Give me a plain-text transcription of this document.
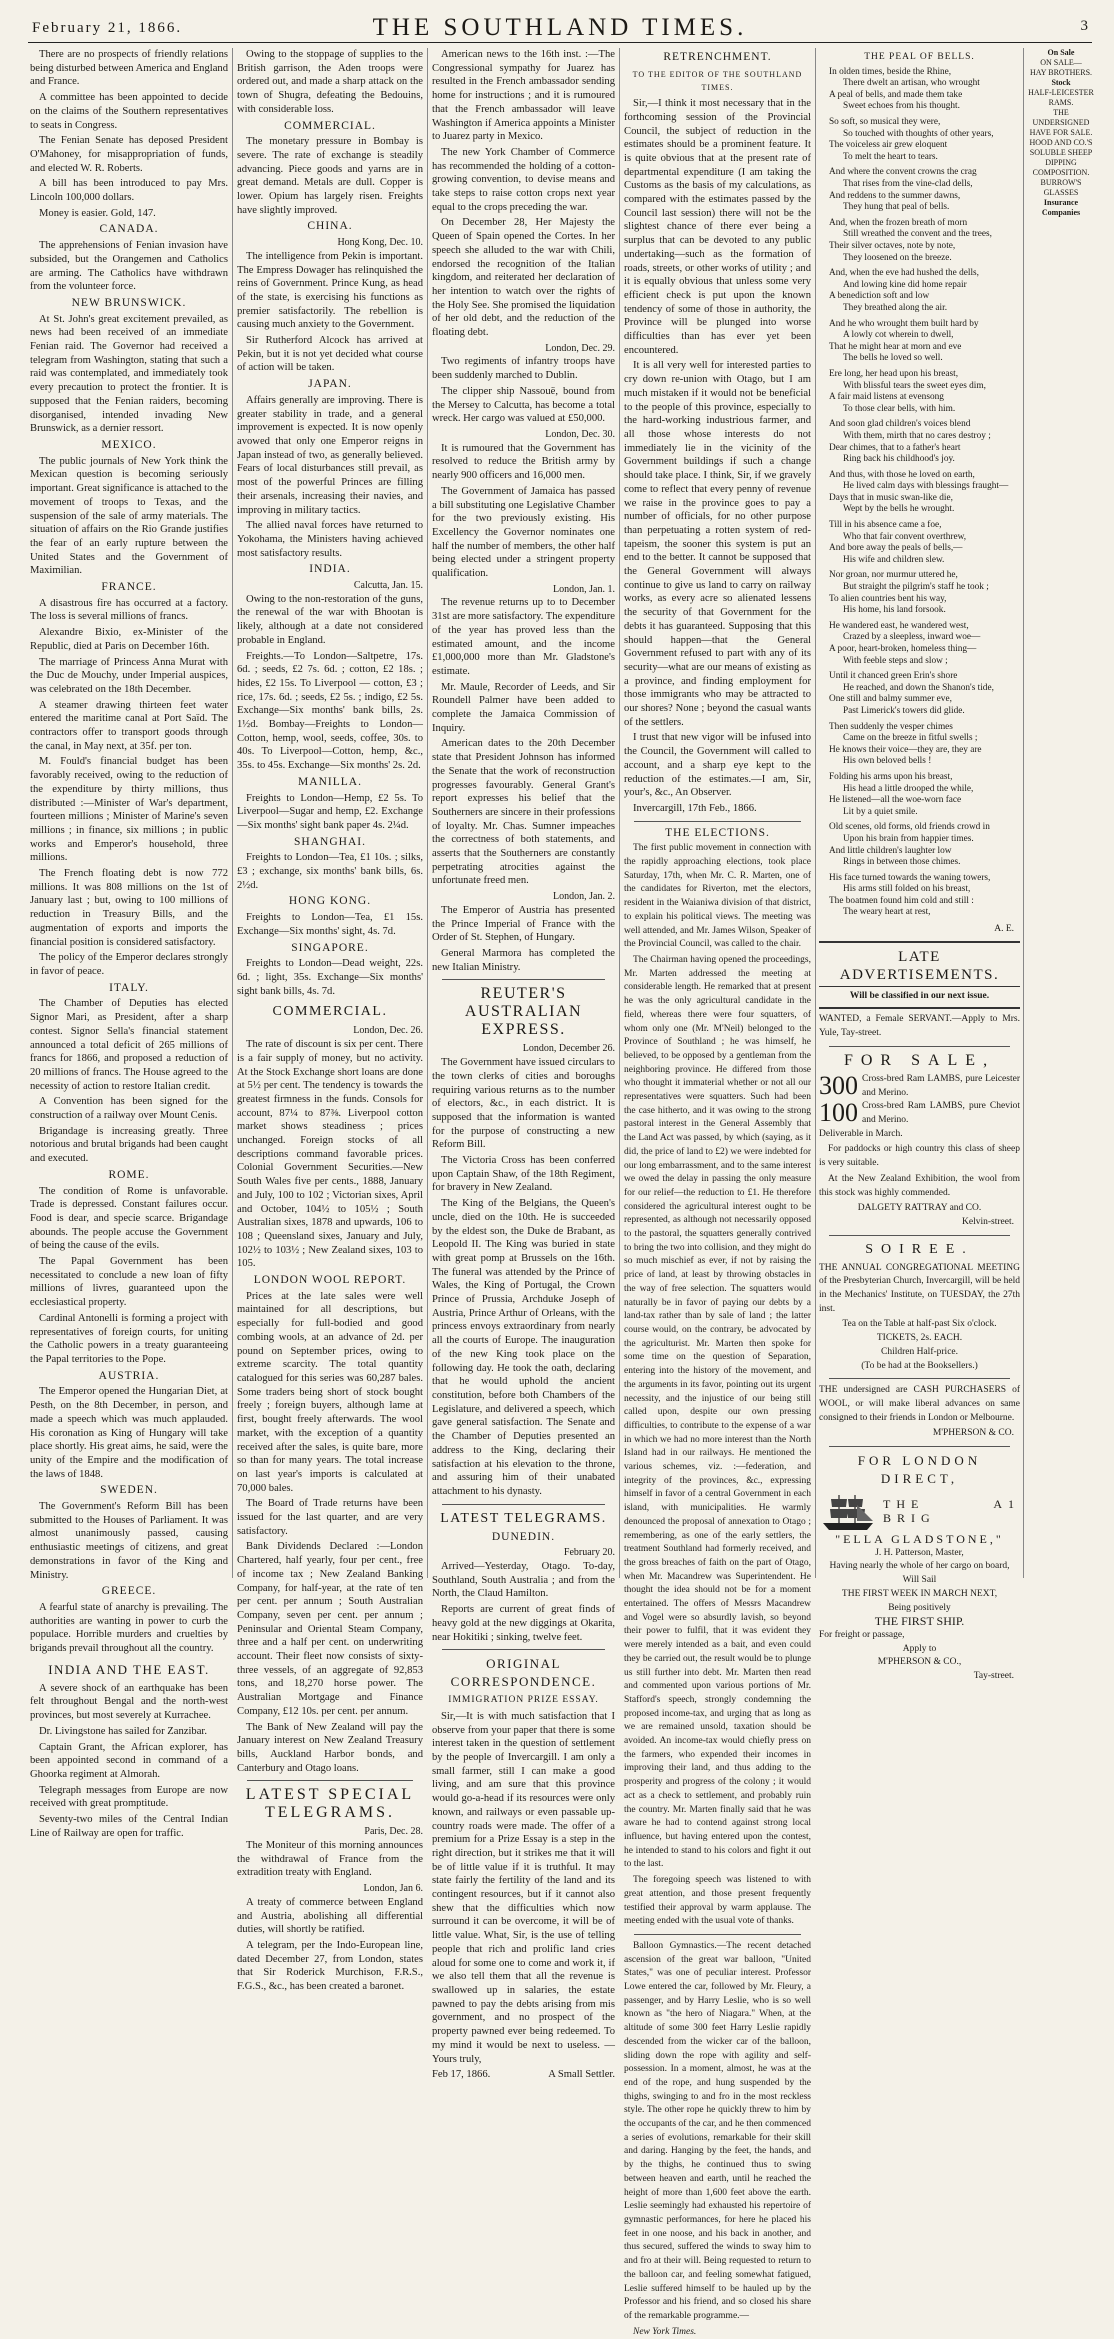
February 21, 1866.	THE SOUTHLAND TIMES.	3

There are no prospects of friendly relations being disturbed between America and England and France.

A committee has been appointed to decide on the claims of the Southern representatives to seats in Congress.

The Fenian Senate has deposed President O'Mahoney, for misappropriation of funds, and elected W. R. Roberts.

A bill has been introduced to pay Mrs. Lincoln 100,000 dollars.

Money is easier. Gold, 147.

CANADA.

The apprehensions of Fenian invasion have subsided, but the Orangemen and Catholics are arming. The Catholics have withdrawn from the volunteer force.

NEW BRUNSWICK.

At St. John's great excitement prevailed, as news had been received of an immediate Fenian raid. The Governor had received a telegram from Washington, stating that such a raid was contemplated, and immediately took every precaution to protect the frontier. It is supposed that the Fenian raiders, becoming disorganised, intended invading New Brunswick, as a dernier ressort.

MEXICO.

The public journals of New York think the Mexican question is becoming seriously important. Great significance is attached to the movement of troops to Texas, and the suspension of the sale of army materials. The situation of affairs on the Rio Grande justifies the fear of an early rupture between the United States and the Government of Maximilian.

FRANCE.

A disastrous fire has occurred at a factory. The loss is several millions of francs.

Alexandre Bixio, ex-Minister of the Republic, died at Paris on December 16th.

The marriage of Princess Anna Murat with the Duc de Mouchy, under Imperial auspices, was celebrated on the 18th December.

A steamer drawing thirteen feet water entered the maritime canal at Port Saïd. The contractors offer to transport goods through the canal, in May next, at 35f. per ton.

M. Fould's financial budget has been favorably received, owing to the reduction of the expenditure by thirty millions, thus distributed :—Minister of War's department, fourteen millions ; Minister of Marine's seven millions ; in finance, six millions ; in public works and Emperor's household, three millions.

The French floating debt is now 772 millions. It was 808 millions on the 1st of January last ; but, owing to 100 millions of reduction in Treasury Bills, and the augmentation of exports and imports the financial position is considered satisfactory.

The policy of the Emperor declares strongly in favor of peace.

ITALY.

The Chamber of Deputies has elected Signor Mari, as President, after a sharp contest. Signor Sella's financial statement announced a total deficit of 265 millions of francs for 1866, and proposed a reduction of 20 millions of francs. The House agreed to the necessity of action to restore Italian credit.

A Convention has been signed for the construction of a railway over Mount Cenis.

Brigandage is increasing greatly. Three notorious and brutal brigands had been caught and executed.

ROME.

The condition of Rome is unfavorable. Trade is depressed. Constant failures occur. Food is dear, and specie scarce. Brigandage abounds. The people accuse the Government of being the cause of the evils.

The Papal Government has been necessitated to conclude a new loan of fifty millions of livres, guaranteed upon the ecclesiastical property.

Cardinal Antonelli is forming a project with representatives of foreign courts, for uniting the Catholic powers in a treaty guaranteeing the Papal territories to the Pope.

AUSTRIA.

The Emperor opened the Hungarian Diet, at Pesth, on the 8th December, in person, and made a speech which was much applauded. His coronation as King of Hungary will take place shortly. His great aims, he said, were the unity of the Empire and the modification of the laws of 1848.

SWEDEN.

The Government's Reform Bill has been submitted to the Houses of Parliament. It was almost unanimously passed, causing enthusiastic meetings of citizens, and great demonstrations in favor of the King and Ministry.

GREECE.

A fearful state of anarchy is prevailing. The authorities are wanting in power to curb the populace. Horrible murders and cruelties by brigands prevail throughout all the country.

INDIA AND THE EAST.

A severe shock of an earthquake has been felt throughout Bengal and the north-west provinces, but most severely at Kurrachee.

Dr. Livingstone has sailed for Zanzibar.

Captain Grant, the African explorer, has been appointed second in command of a Ghoorka regiment at Almorah.

Telegraph messages from Europe are now received with great promptitude.

Seventy-two miles of the Central Indian Line of Railway are open for traffic.

Owing to the stoppage of supplies to the British garrison, the Aden troops were ordered out, and made a sharp attack on the town of Shugra, defeating the Bedouins, with considerable loss.

COMMERCIAL.

The monetary pressure in Bombay is severe. The rate of exchange is steadily advancing. Piece goods and yarns are in great demand. Metals are dull. Copper is lower. Opium has largely risen. Freights have slightly improved.

CHINA.
Hong Kong, Dec. 10.

The intelligence from Pekin is important. The Empress Dowager has relinquished the reins of Government. Prince Kung, as head of the state, is exercising his functions as premier satisfactorily. The rebellion is causing much anxiety to the Government.

Sir Rutherford Alcock has arrived at Pekin, but it is not yet decided what course of action will be taken.

JAPAN.

Affairs generally are improving. There is greater stability in trade, and a general improvement is expected. It is now openly avowed that only one Emperor reigns in Japan instead of two, as generally believed. Fears of local disturbances still prevail, as most of the powerful Princes are filling their arsenals, increasing their navies, and improving in military tactics.

The allied naval forces have returned to Yokohama, the Ministers having achieved most satisfactory results.

INDIA.
Calcutta, Jan. 15.

Owing to the non-restoration of the guns, the renewal of the war with Bhootan is likely, although at a date not considered probable in England.

Freights.—To London—Saltpetre, 17s. 6d. ; seeds, £2 7s. 6d. ; cotton, £2 18s. ; hides, £2 15s. To Liverpool — cotton, £3 ; rice, 17s. 6d. ; seeds, £2 5s. ; indigo, £2 5s. Exchange—Six months' bank bills, 2s. 1½d. Bombay—Freights to London—Cotton, hemp, wool, seeds, coffee, 30s. to 40s. To Liverpool—Cotton, hemp, &c., 35s. to 45s. Exchange—Six months' 2s. 2d.

MANILLA.

Freights to London—Hemp, £2 5s. To Liverpool—Sugar and hemp, £2. Exchange—Six months' sight bank paper 4s. 2¼d.

SHANGHAI.

Freights to London—Tea, £1 10s. ; silks, £3 ; exchange, six months' bank bills, 6s. 2½d.

HONG KONG.

Freights to London—Tea, £1 15s. Exchange—Six months' sight, 4s. 7d.

SINGAPORE.

Freights to London—Dead weight, 22s. 6d. ; light, 35s. Exchange—Six months' sight bank bills, 4s. 7d.

COMMERCIAL.
London, Dec. 26.

The rate of discount is six per cent. There is a fair supply of money, but no activity. At the Stock Exchange short loans are done at 5½ per cent. The tendency is towards the greatest firmness in the funds. Consols for account, 87¼ to 87⅜. Liverpool cotton market shows steadiness ; prices unchanged. Foreign stocks of all descriptions command favorable prices. Colonial Government Securities.—New South Wales five per cents., 1888, January and July, 100 to 102 ; Victorian sixes, April and October, 104½ to 105½ ; South Australian sixes, 1878 and upwards, 106 to 108 ; Queensland sixes, January and July, 102½ to 103½ ; New Zealand sixes, 103 to 105.

LONDON WOOL REPORT.

Prices at the late sales were well maintained for all descriptions, but especially for full-bodied and good combing wools, at an advance of 2d. per pound on September prices, owing to extreme scarcity. The total quantity catalogued for this series was 60,287 bales. Some traders being short of stock bought freely ; foreign buyers, although lame at first, bought freely afterwards. The wool market, with the exception of a quantity received after the sales, is quite bare, more so than for many years. The total increase on last year's imports is calculated at 70,000 bales.

The Board of Trade returns have been issued for the last quarter, and are very satisfactory.

Bank Dividends Declared :—London Chartered, half yearly, four per cent., free of income tax ; New Zealand Banking Company, for half-year, at the rate of ten per cent. per annum ; South Australian Company, seven per cent. per annum ; Peninsular and Oriental Steam Company, three and a half per cent. on underwriting account. Their fleet now consists of sixty-three vessels, of an aggregate of 92,853 tons, and 18,270 horse power. The Australian Mortgage and Finance Company, £12 10s. per cent. per annum.

The Bank of New Zealand will pay the January interest on New Zealand Treasury bills, Auckland Harbor bonds, and Canterbury and Otago loans.

LATEST SPECIAL TELEGRAMS.
Paris, Dec. 28.

The Moniteur of this morning announces the withdrawal of France from the extradition treaty with England.

London, Jan 6.

A treaty of commerce between England and Austria, abolishing all differential duties, will shortly be ratified.

A telegram, per the Indo-European line, dated December 27, from London, states that Sir Roderick Murchison, F.R.S., F.G.S., &c., has been created a baronet.

American news to the 16th inst. :—The Congressional sympathy for Juarez has resulted in the French ambassador sending home for instructions ; and it is rumoured that the French ambassador will leave Washington if America appoints a Minister to Juarez party in Mexico.

The new York Chamber of Commerce has recommended the holding of a cotton-growing convention, to devise means and take steps to raise cotton crops next year equal to the crops preceding the war.

On December 28, Her Majesty the Queen of Spain opened the Cortes. In her speech she alluded to the war with Chili, endorsed the recognition of the Italian kingdom, and reiterated her declaration of her intention to watch over the rights of the Holy See. She promised the liquidation of her old debt, and the reduction of the floating debt.

London, Dec. 29.

Two regiments of infantry troops have been suddenly marched to Dublin.

The clipper ship Nassouë, bound from the Mersey to Calcutta, has become a total wreck. Her cargo was valued at £50,000.

London, Dec. 30.

It is rumoured that the Government has resolved to reduce the British army by nearly 900 officers and 16,000 men.

The Government of Jamaica has passed a bill substituting one Legislative Chamber for the two previously existing. His Excellency the Governor nominates one half the number of members, the other half being elected under a stringent property qualification.

London, Jan. 1.

The revenue returns up to to December 31st are more satisfactory. The expenditure of the year has proved less than the estimated amount, and the income £1,000,000 more than Mr. Gladstone's estimate.

Mr. Maule, Recorder of Leeds, and Sir Roundell Palmer have been added to complete the Jamaica Commission of Inquiry.

American dates to the 20th December state that President Johnson has informed the Senate that the work of reconstruction progresses favourably. General Grant's report expresses his belief that the Southerners are sincere in their professions of loyalty. Mr. Chas. Sumner impeaches the correctness of both statements, and asserts that the Southerners are constantly perpetrating atrocities against the unfortunate freed men.

London, Jan. 2.

The Emperor of Austria has presented the Prince Imperial of France with the Order of St. Stephen, of Hungary.

General Marmora has completed the new Italian Ministry.

REUTER'S AUSTRALIAN EXPRESS.
London, December 26.

The Government have issued circulars to the town clerks of cities and boroughs requiring various returns as to the number of electors, &c., in each district. It is supposed that the information is wanted for the purpose of constructing a new Reform Bill.

The Victoria Cross has been conferred upon Captain Shaw, of the 18th Regiment, for bravery in New Zealand.

The King of the Belgians, the Queen's uncle, died on the 10th. He is succeeded by the eldest son, the Duke de Brabant, as Leopold II. The King was buried in state with great pomp at Brussels on the 16th. The funeral was attended by the Prince of Wales, the King of Portugal, the Crown Prince of Prussia, Archduke Joseph of Austria, Prince Arthur of Orleans, with the princess envoys extraordinary from nearly all the courts of Europe. The inauguration of the new King took place on the following day. He took the oath, declaring that he would uphold the ancient constitution, before both Chambers of the Legislature, and delivered a speech, which gave general satisfaction. The Senate and the Chamber of Deputies presented an address to the King, declaring their satisfaction at his elevation to the throne, and assuring him of their unabated attachment to his dynasty.

LATEST TELEGRAMS.
DUNEDIN.
February 20.

Arrived—Yesterday, Otago. To-day, Southland, South Australia ; and from the North, the Claud Hamilton.

Reports are current of great finds of heavy gold at the new diggings at Okarita, near Hokitiki ; sinking, twelve feet.

ORIGINAL CORRESPONDENCE.
IMMIGRATION PRIZE ESSAY.

Sir,—It is with much satisfaction that I observe from your paper that there is some interest taken in the question of settlement by the people of Invercargill. I am only a small farmer, still I can make a good living, and am sure that this province would go-a-head if its resources were only known, and railways or even passable up-country roads were made. The offer of a premium for a Prize Essay is a step in the right direction, but it strikes me that it will be of little value if it is truthful. It may state fairly the fertility of the land and its contingent resources, but if it cannot also shew that the difficulties which now surround it can be overcome, it will be of little value. What, Sir, is the use of telling people that rich and prolific land cries aloud for some one to come and work it, if we also tell them that all the revenue is swallowed up in salaries, the estate pawned to pay the debts arising from mis government, and no prospect of the property pawned ever being redeemed. To my mind it would be next to useless. —Yours truly,

Feb 17, 1866.	A Small Settler.
RETRENCHMENT.
TO THE EDITOR OF THE SOUTHLAND TIMES.

Sir,—I think it most necessary that in the forthcoming session of the Provincial Council, the subject of reduction in the estimates should be a prominent feature. It is quite obvious that at the present rate of departmental expenditure (I am taking the Customs as the basis of my calculations, as compared with the estimates passed by the Council last session) there will not be the slightest chance of there ever being a surplus that can be devoted to any public undertaking—such as the formation of roads, streets, or other works of utility ; and it is equally obvious that unless some very efficient check is put upon the known tendency of some of those in authority, the Province will be plunged into worse difficulties than has ever yet been encountered.

It is all very well for interested parties to cry down re-union with Otago, but I am much mistaken if it would not be beneficial to the people of this province, especially to the hard-working industrious farmer, and all those whose interests do not immediately lie in the vicinity of the Government buildings if such a change should take place. I think, Sir, if we gravely come to reflect that every penny of revenue we raise in the province goes to pay a number of officials, for no other purpose than perpetuating a rotten system of red-tapeism, the sooner this system is put an end to the better. It cannot be supposed that the General Government will always continue to give us land to carry on railway works, as every acre so alienated lessens the security of that Government for the debts it has guaranteed. Supposing that this should happen—that the General Government refused to part with any of its security—what are our means of existing as a province, and finding employment for those immigrants who may be attracted to our shores? None ; beyond the casual wants of the settlers.

I trust that new vigor will be infused into the Council, the Government will called to account, and a sharp eye kept to the reduction of the estimates.—I am, Sir, your's, &c., An Observer.

Invercargill, 17th Feb., 1866.

THE ELECTIONS.

The first public movement in connection with the rapidly approaching elections, took place Saturday, 17th, when Mr. C. R. Marten, one of the candidates for Riverton, met the electors, resident in the Waianiwa division of that district, to explain his political views. The meeting was well attended, and Mr. James Wilson, Speaker of the Provincial Council, was called to the chair.

The Chairman having opened the proceedings, Mr. Marten addressed the meeting at considerable length. He remarked that at present he was the only agricultural candidate in the field, whereas there were four squatters, of whom only one (Mr. M'Neil) belonged to the Province of Southland ; he was himself, he believed, to be opposed by a gentleman from the neighboring province. He differed from those who thought it immaterial whether or not all our representatives were squatters. Such had been the case hitherto, and it was owing to the strong pastoral interest in the General Assembly that the Land Act was passed, by which (saying, as it did, the price of land to £2) we were indebted for our long embarrassment, and to the same interest we owed the delay in passing the only measure for our relief—the reduction to £1. He therefore considered the agricultural interest ought to be represented, as although not necessarily opposed to the pastoral, the squatters generally contrived to bring the two into collision, and they might do so much mischief as ever, if not by raising the price of land, at least by throwing obstacles in the way of free selection. The squatters would naturally be in favor of paying our debts by a land-tax rather than by sale of land ; the latter course would, on the contrary, be advocated by the agriculturist. Mr. Marten then spoke for some time on the question of Separation, entering into the history of the movement, and the arguments in its favor, pointing out its urgent necessity, and the injustice of our being still called upon, despite our own pressing difficulties, to contribute to the expense of a war in which we had no more interest than the North Island had in our railways. He mentioned the various schemes, viz. :—federation, and integrity of the provinces, &c., expressing himself in favor of a central Government in each island, with municipalities. He warmly denounced the proposal of annexation to Otago ; remembering, as one of the early settlers, the treatment Southland had formerly received, and the gross breaches of faith on the part of Otago, when Mr. Macandrew was Superintendent. He thought the idea should not be for a moment entertained. The offers of Messrs Macandrew and Vogel were so absurdly lavish, so beyond their power to fulfil, that it was evident they were merely intended as a bait, and even could they be carried out, the result would be to plunge us still further into debt. Mr. Marten then read and commented upon various portions of Mr. Stafford's speech, strongly condemning the proposed income-tax, and urging that as long as we are remained unsold, taxation should be avoided. An income-tax would chiefly press on the farmers, who expended their incomes in improving their land, and thus adding to the prosperity and progress of the colony ; it would act as a check to settlement, and probably ruin the country. Mr. Marten finally said that he was aware he had to contend against strong local influence, but having entered upon the contest, he intended to stand to his colors and fight it out to the last.

The foregoing speech was listened to with great attention, and those present frequently testified their approval by warm applause. The meeting ended with the usual vote of thanks.

Balloon Gymnastics.—The recent detached ascension of the great war balloon, "United States," was one of peculiar interest. Professor Lowe entered the car, followed by Mr. Fleury, a passenger, and by Harry Leslie, who is so well known as "the hero of Niagara." When, at the altitude of some 300 feet Harry Leslie rapidly descended from the wicker car of the balloon, sliding down the rope with agility and self-possession. In a moment, almost, he was at the end of the rope, and hung suspended by the thighs, swinging to and fro in the most reckless style. The other rope he quickly threw to him by the occupants of the car, and he then commenced a series of evolutions, remarkable for their skill and daring. Hanging by the feet, the hands, and by the thighs, he continued thus to swing between heaven and earth, until he reached the height of more than 1,600 feet above the earth. Leslie seemingly had exhausted his repertoire of gymnastic performances, for here he placed his feet in one noose, and his back in another, and thus secured, suffered the winds to sway him to and fro at their will. Being requested to return to the balloon car, and feeling somewhat fatigued, Leslie suffered himself to be hauled up by the Professor and his friend, and so closed his share of the remarkable programme.—

New York Times.

THE PEAL OF BELLS.

In olden times, beside the Rhine,

There dwelt an artisan, who wrought

A peal of bells, and made them take

Sweet echoes from his thought.

So soft, so musical they were,

So touched with thoughts of other years,

The voiceless air grew eloquent

To melt the heart to tears.

And where the convent crowns the crag

That rises from the vine-clad dells,

And reddens to the summer dawns,

They hung that peal of bells.

And, when the frozen breath of morn

Still wreathed the convent and the trees,

Their silver octaves, note by note,

They loosened on the breeze.

And, when the eve had hushed the dells,

And lowing kine did home repair

A benediction soft and low

They breathed along the air.

And he who wrought them built hard by

A lowly cot wherein to dwell,

That he might hear at morn and eve

The bells he loved so well.

Ere long, her head upon his breast,

With blissful tears the sweet eyes dim,

A fair maid listens at evensong

To those clear bells, with him.

And soon glad children's voices blend

With them, mirth that no cares destroy ;

Dear chimes, that to a father's heart

Ring back his childhood's joy.

And thus, with those he loved on earth,

He lived calm days with blessings fraught—

Days that in music swan-like die,

Wept by the bells he wrought.

Till in his absence came a foe,

Who that fair convent overthrew,

And bore away the peals of bells,—

His wife and children slew.

Nor groan, nor murmur uttered he,

But straight the pilgrim's staff he took ;

To alien countries bent his way,

His home, his land forsook.

He wandered east, he wandered west,

Crazed by a sleepless, inward woe—

A poor, heart-broken, homeless thing—

With feeble steps and slow ;

Until it chanced green Erin's shore

He reached, and down the Shanon's tide,

One still and balmy summer eve,

Past Limerick's towers did glide.

Then suddenly the vesper chimes

Came on the breeze in fitful swells ;

He knows their voice—they are, they are

His own beloved bells !

Folding his arms upon his breast,

His head a little drooped the while,

He listened—all the woe-worn face

Lit by a quiet smile.

Old scenes, old forms, old friends crowd in

Upon his brain from happier times.

And little children's laughter low

Rings in between those chimes.

His face turned towards the waning towers,

His arms still folded on his breast,

The boatmen found him cold and still :

The weary heart at rest,

A. E.
LATE ADVERTISEMENTS.
Will be classified in our next issue.

WANTED, a Female SERVANT.—Apply to Mrs. Yule, Tay-street.

FOR SALE,
300 Cross-bred Ram LAMBS, pure Leicester and Merino.
100 Cross-bred Ram LAMBS, pure Cheviot and Merino.

Deliverable in March.

For paddocks or high country this class of sheep is very suitable.

At the New Zealand Exhibition, the wool from this stock was highly commended.

DALGETY RATTRAY and CO.
Kelvin-street.
SOIREE.

THE ANNUAL CONGREGATIONAL MEETING of the Presbyterian Church, Invercargill, will be held in the Mechanics' Institute, on TUESDAY, the 27th inst.

Tea on the Table at half-past Six o'clock.
TICKETS, 2s. EACH.
Children Half-price.
(To be had at the Booksellers.)

THE undersigned are CASH PURCHASERS of WOOL, or will make liberal advances on same consigned to their friends in London or Melbourne.

M'PHERSON & CO.
FOR LONDON DIRECT,
THE A1 BRIG
"ELLA GLADSTONE,"
J. H. Patterson, Master,
Having nearly the whole of her cargo on board,
Will Sail
THE FIRST WEEK IN MARCH NEXT,
Being positively
THE FIRST SHIP.
For freight or passage,
Apply to
M'PHERSON & CO.,
Tay-street.
On Sale
ON SALE—
HAY BROTHERS.
Stock
HALF-LEICESTER RAMS.
THE UNDERSIGNED HAVE FOR SALE.
HOOD AND CO.'S SOLUBLE SHEEP DIPPING COMPOSITION.
BURROW'S GLASSES
Insurance Companies
